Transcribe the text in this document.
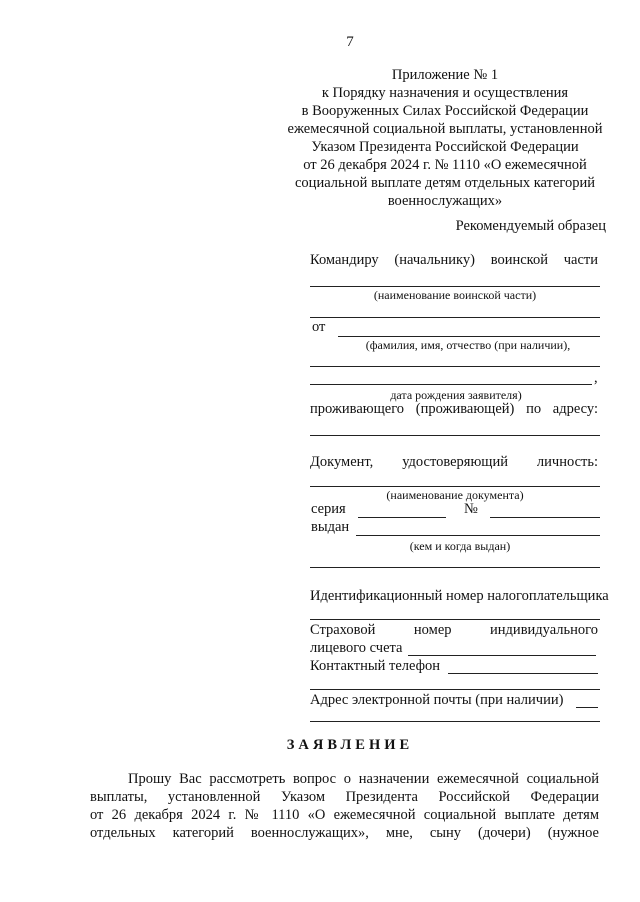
7
Приложение № 1
к Порядку назначения и осуществления
в Вооруженных Силах Российской Федерации
ежемесячной социальной выплаты, установленной
Указом Президента Российской Федерации
от 26 декабря 2024 г. № 1110 «О ежемесячной
социальной выплате детям отдельных категорий
военнослужащих»
Рекомендуемый образец
Командиру (начальнику) воинской части
(наименование воинской части)
от
(фамилия, имя, отчество (при наличии),
,
дата рождения заявителя)
проживающего (проживающей) по адресу:
Документ, удостоверяющий личность:
(наименование документа)
серия	№
выдан
(кем и когда выдан)
Идентификационный номер налогоплательщика
Страховой	номер	индивидуального
лицевого счета
Контактный телефон
Адрес электронной почты (при наличии)
ЗАЯВЛЕНИЕ
Прошу Вас рассмотреть вопрос о назначении ежемесячной социальной
выплаты, установленной Указом Президента Российской Федерации
от 26 декабря 2024 г. № 1110 «О ежемесячной социальной выплате детям
отдельных категорий военнослужащих», мне, сыну (дочери) (нужное
